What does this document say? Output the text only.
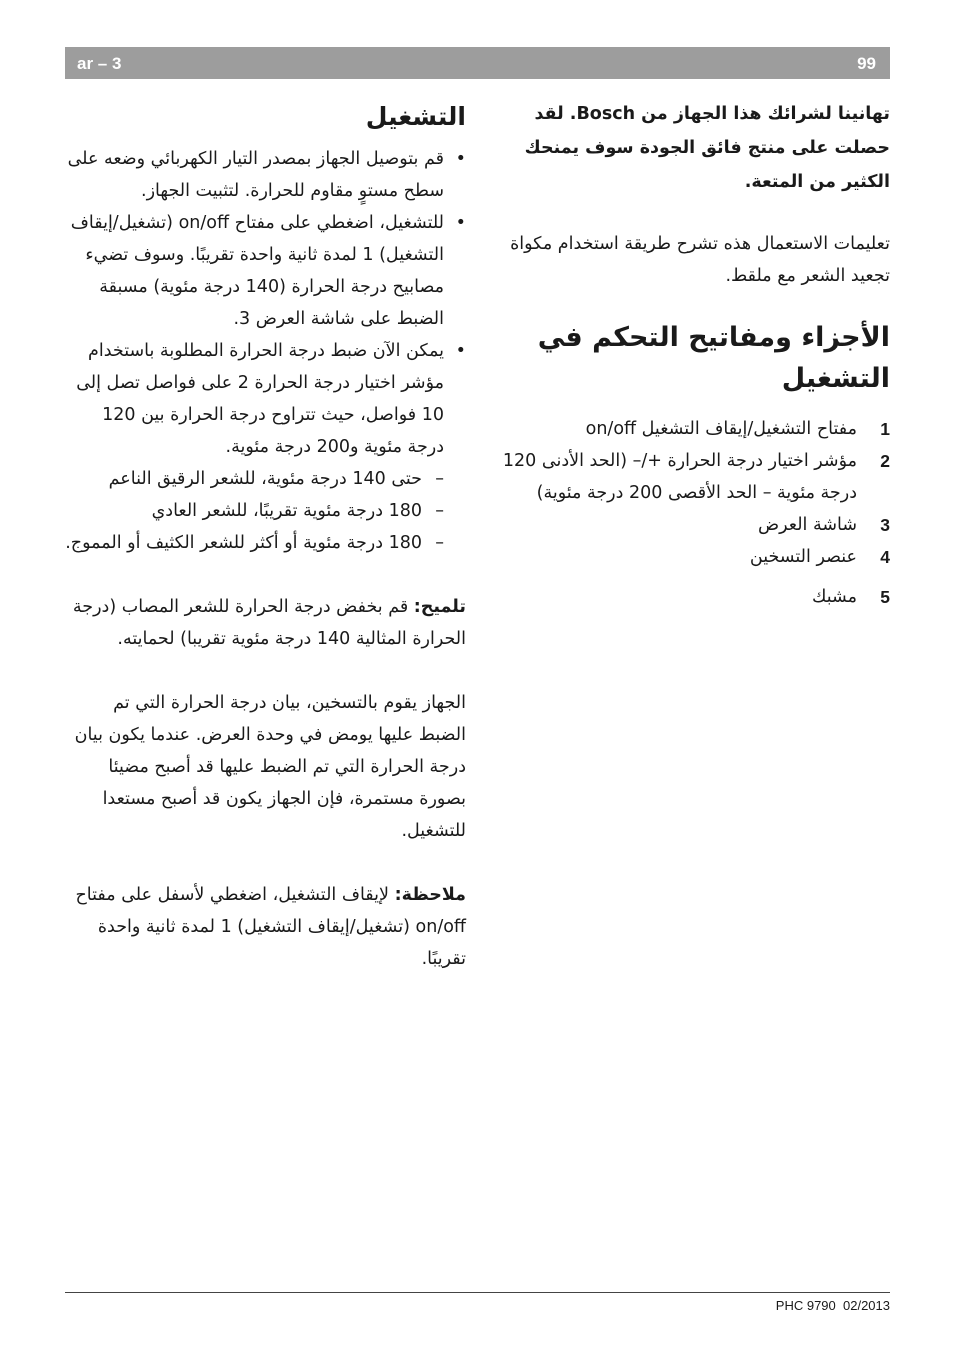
99
ar – 3

تهانينا لشرائك هذا الجهاز من Bosch. لقد حصلت على منتج فائق الجودة سوف يمنحك الكثير من المتعة.

تعليمات الاستعمال هذه تشرح طريقة استخدام مكواة تجعيد الشعر مع ملقط.

الأجزاء ومفاتيح التحكم في التشغيل
1
مفتاح التشغيل/إيقاف التشغيل on/off
2
مؤشر اختيار درجة الحرارة +/– (الحد الأدنى 120 درجة مئوية – الحد الأقصى 200 درجة مئوية)
3
شاشة العرض
4
عنصر التسخين
5
مشبك
التشغيل
•
قم بتوصيل الجهاز بمصدر التيار الكهربائي وضعه على سطح مستوٍ مقاوم للحرارة. لتثبيت الجهاز.
•
للتشغيل، اضغطي على مفتاح on/off (تشغيل/إيقاف التشغيل) 1 لمدة ثانية واحدة تقريبًا. وسوف تضيء مصابيح درجة الحرارة (140 درجة مئوية) مسبقة الضبط على شاشة العرض 3.
•
يمكن الآن ضبط درجة الحرارة المطلوبة باستخدام مؤشر اختيار درجة الحرارة 2 على فواصل تصل إلى 10 فواصل، حيث تتراوح درجة الحرارة بين 120 درجة مئوية و200 درجة مئوية.
–
حتى 140 درجة مئوية، للشعر الرقيق الناعم
–
180 درجة مئوية تقريبًا، للشعر العادي
–
180 درجة مئوية أو أكثر للشعر الكثيف أو المموج.

تلميح: قم بخفض درجة الحرارة للشعر المصاب (درجة الحرارة المثالية 140 درجة مئوية تقريبا) لحمايته.

الجهاز يقوم بالتسخين، بيان درجة الحرارة التي تم الضبط عليها يومض في وحدة العرض. عندما يكون بيان درجة الحرارة التي تم الضبط عليها قد أصبح مضيئا بصورة مستمرة، فإن الجهاز يكون قد أصبح مستعدا للتشغيل.

ملاحظة: لإيقاف التشغيل، اضغطي لأسفل على مفتاح on/off (تشغيل/إيقاف التشغيل) 1 لمدة ثانية واحدة تقريبًا.

PHC 9790 02/2013
